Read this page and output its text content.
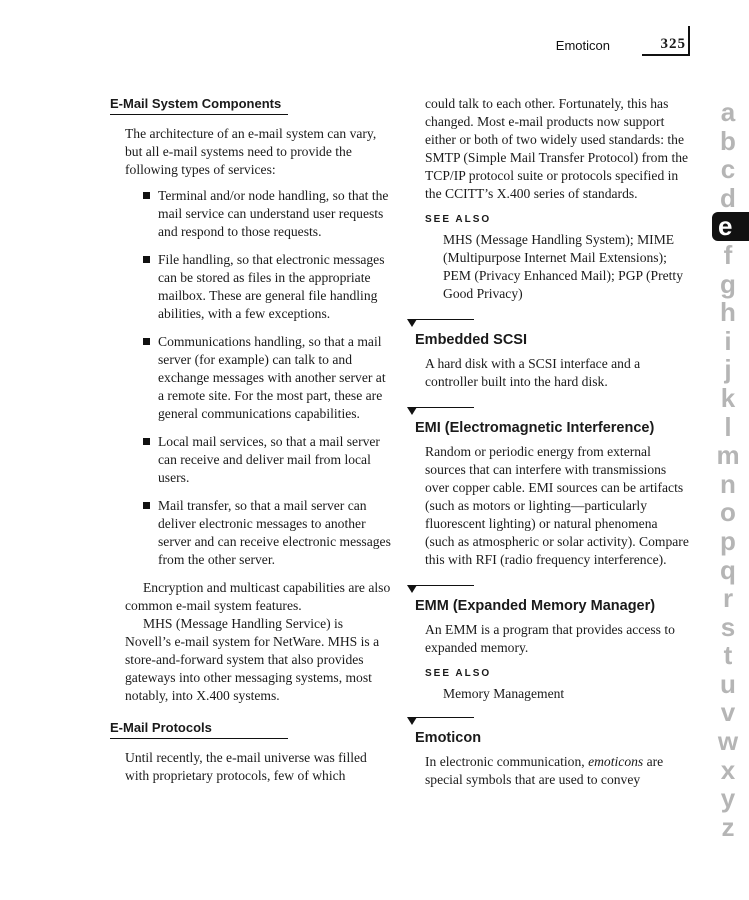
Emoticon	325
E-Mail System Components

The architecture of an e-mail system can vary, but all e-mail systems need to provide the following types of services:

Terminal and/or node handling, so that the mail service can understand user requests and respond to those requests.
File handling, so that electronic messages can be stored as files in the appropriate mailbox. These are general file handling abilities, with a few exceptions.
Communications handling, so that a mail server (for example) can talk to and exchange messages with another server at a remote site. For the most part, these are general communications capabilities.
Local mail services, so that a mail server can receive and deliver mail from local users.
Mail transfer, so that a mail server can deliver electronic messages to another server and can receive electronic messages from the other server.

Encryption and multicast capabilities are also common e-mail system features.

MHS (Message Handling Service) is Novell’s e-mail system for NetWare. MHS is a store-and-forward system that also provides gateways into other messaging systems, most notably, into X.400 systems.

E-Mail Protocols

Until recently, the e-mail universe was filled with proprietary protocols, few of which

could talk to each other. Fortunately, this has changed. Most e-mail products now support either or both of two widely used standards: the SMTP (Simple Mail Transfer Protocol) from the TCP/IP protocol suite or protocols specified in the CCITT’s X.400 series of standards.

SEE ALSO

MHS (Message Handling System); MIME (Multipurpose Internet Mail Extensions); PEM (Privacy Enhanced Mail); PGP (Pretty Good Privacy)

Embedded SCSI

A hard disk with a SCSI interface and a controller built into the hard disk.

EMI (Electromagnetic Interference)

Random or periodic energy from external sources that can interfere with transmissions over copper cable. EMI sources can be artifacts (such as motors or lighting—particularly fluorescent lighting) or natural phenomena (such as atmospheric or solar activity). Compare this with RFI (radio frequency interference).

EMM (Expanded Memory Manager)

An EMM is a program that provides access to expanded memory.

SEE ALSO

Memory Management

Emoticon

In electronic communication, emoticons are special symbols that are used to convey

a
b
c
d
e
f
g
h
i
j
k
l
m
n
o
p
q
r
s
t
u
v
w
x
y
z
